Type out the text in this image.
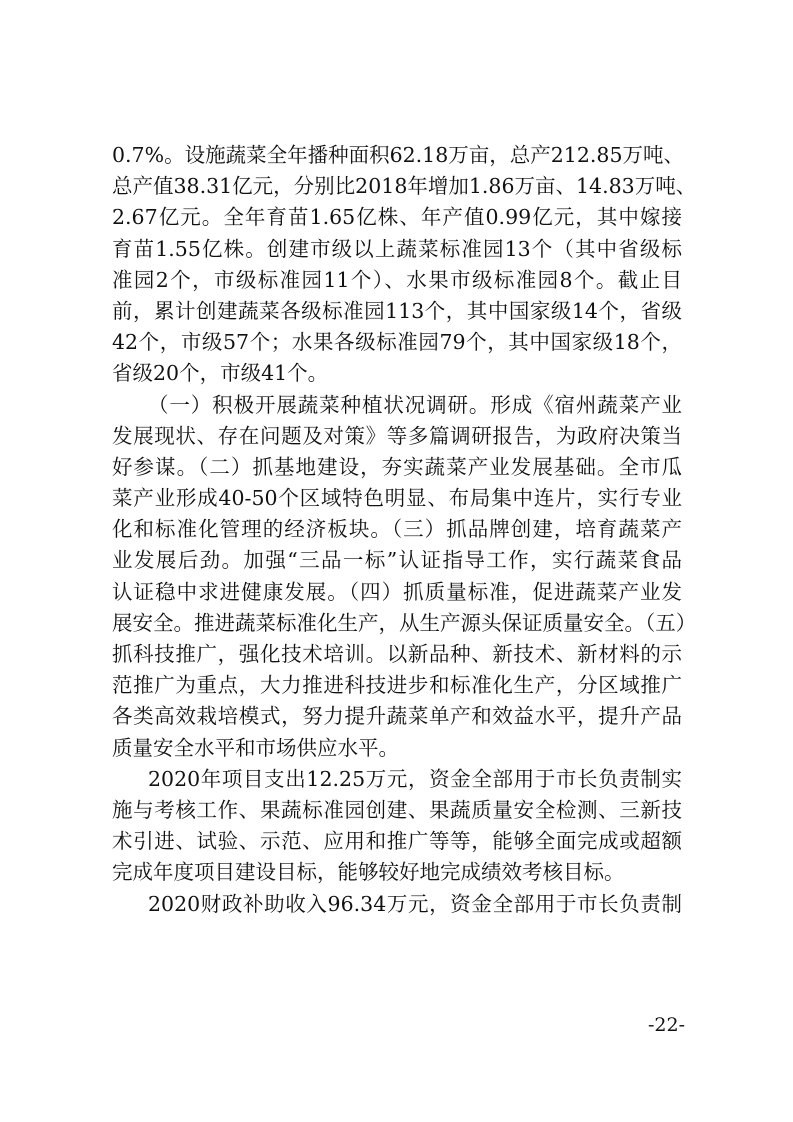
0.7%。设施蔬菜全年播种面积62.18万亩，总产212.85万吨、
总产值38.31亿元，分别比2018年增加1.86万亩、14.83万吨、
2.67亿元。全年育苗1.65亿株、年产值0.99亿元，其中嫁接
育苗1.55亿株。创建市级以上蔬菜标准园13个（其中省级标
准园2个，市级标准园11个）、水果市级标准园8个。截止目
前，累计创建蔬菜各级标准园113个，其中国家级14个，省级
42个，市级57个；水果各级标准园79个，其中国家级18个，
省级20个，市级41个。
（一）积极开展蔬菜种植状况调研。形成《宿州蔬菜产业
发展现状、存在问题及对策》等多篇调研报告，为政府决策当
好参谋。（二）抓基地建设，夯实蔬菜产业发展基础。全市瓜
菜产业形成40-50个区域特色明显、布局集中连片，实行专业
化和标准化管理的经济板块。（三）抓品牌创建，培育蔬菜产
业发展后劲。加强“三品一标”认证指导工作，实行蔬菜食品
认证稳中求进健康发展。（四）抓质量标准，促进蔬菜产业发
展安全。推进蔬菜标准化生产，从生产源头保证质量安全。（五）
抓科技推广，强化技术培训。以新品种、新技术、新材料的示
范推广为重点，大力推进科技进步和标准化生产，分区域推广
各类高效栽培模式，努力提升蔬菜单产和效益水平，提升产品
质量安全水平和市场供应水平。
2020年项目支出12.25万元，资金全部用于市长负责制实
施与考核工作、果蔬标准园创建、果蔬质量安全检测、三新技
术引进、试验、示范、应用和推广等等，能够全面完成或超额
完成年度项目建设目标，能够较好地完成绩效考核目标。
2020财政补助收入96.34万元，资金全部用于市长负责制
-22-
